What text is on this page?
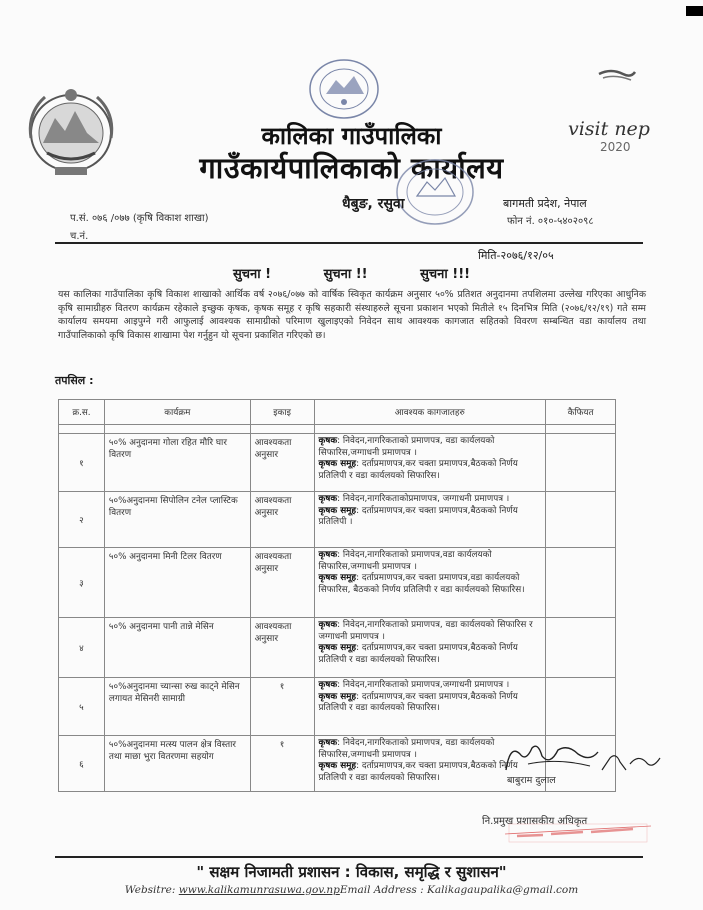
visit nep
2020
कालिका गाउँपालिका
गाउँकार्यपालिकाको कार्यालय
धैबुङ, रसुवा	बागमती प्रदेश, नेपाल
फोन नं. ०१०-५४०२०९८
प.सं. ०७६ /०७७ (कृषि विकाश शाखा)
च.नं.
मिति-२०७६/१२/०५
सुचना !	सुचना !!	सुचना !!!
यस कालिका गाउँपालिका कृषि विकाश शाखाको आर्थिक वर्ष २०७६/०७७ को वार्षिक स्विकृत कार्यक्रम अनुसार ५०% प्रतिशत अनुदानमा तपशिलमा उल्लेख गरिएका आधुनिक कृषि सामाग्रीहरु वितरण कार्यक्रम रहेकाले इच्छुक कृषक, कृषक समूह र कृषि सहकारी संस्थाहरुले सूचना प्रकाशन भएको मितीले १५ दिनभित्र मिति (२०७६/१२/१९) गते सम्म कार्यालय समयमा आइपुग्ने गरी आफुलाई आवश्यक सामाग्रीको परिमाण खुलाइएको निवेदन साथ आवश्यक कागजात सहितको विवरण सम्बन्धित वडा कार्यालय तथा गाउँपालिकाको कृषि विकास शाखामा पेश गर्नुहुन यो सूचना प्रकाशित गरिएको छ।
तपसिल :
क्र.स.	कार्यक्रम	इकाइ	आवश्यक कागजातहरु	कैफियत

१	५०% अनुदानमा गोला रहित मौरि घार वितरण	आवश्यकता अनुसार	कृषक: निवेदन,नागरिकताको प्रमाणपत्र, वडा कार्यलयको सिफारिस,जग्गाधनी प्रमाणपत्र ।
कृषक समूह: दर्ताप्रमाणपत्र,कर चक्ता प्रमाणपत्र,बैठकको निर्णय प्रतिलिपी र वडा कार्यलयको सिफारिस।	

२	५०%अनुदानमा सिपोलिन टनेल प्लास्टिक वितरण	आवश्यकता अनुसार	कृषक: निवेदन,नागरिकताकोप्रमाणपत्र, जग्गाधनी प्रमाणपत्र ।
कृषक समूह: दर्ताप्रमाणपत्र,कर चक्ता प्रमाणपत्र,बैठकको निर्णय प्रतिलिपी ।	

३	५०% अनुदानमा मिनी टिलर वितरण	आवश्यकता अनुसार	कृषक: निवेदन,नागरिकताको प्रमाणपत्र,वडा कार्यलयको सिफारिस,जग्गाधनी प्रमाणपत्र ।
कृषक समूह: दर्ताप्रमाणपत्र,कर चक्ता प्रमाणपत्र,वडा कार्यलयको सिफारिस, बैठकको निर्णय प्रतिलिपी र वडा कार्यलयको सिफारिस।	

४	५०% अनुदानमा पानी तान्ने मेसिन	आवश्यकता अनुसार	कृषक: निवेदन,नागरिकताको प्रमाणपत्र, वडा कार्यलयको सिफारिस र जग्गाधनी प्रमाणपत्र ।
कृषक समूह: दर्ताप्रमाणपत्र,कर चक्ता प्रमाणपत्र,बैठकको निर्णय प्रतिलिपी र वडा कार्यलयको सिफारिस।	

५	५०%अनुदानमा च्यान्सा रुख काट्ने मेसिन लगायत मेसिनरी सामाग्री	१	कृषक: निवेदन,नागरिकताको प्रमाणपत्र,जग्गाधनी प्रमाणपत्र ।
कृषक समूह: दर्ताप्रमाणपत्र,कर चक्ता प्रमाणपत्र,बैठकको निर्णय प्रतिलिपी र वडा कार्यलयको सिफारिस।	

६	५०%अनुदानमा मत्स्य पालन क्षेत्र विस्तार तथा माछा भुरा वितरणमा सहयोग	१	कृषक: निवेदन,नागरिकताको प्रमाणपत्र, वडा कार्यलयको सिफारिस,जग्गाधनी प्रमाणपत्र ।
कृषक समूह: दर्ताप्रमाणपत्र,कर चक्ता प्रमाणपत्र,बैठकको निर्णय प्रतिलिपी र वडा कार्यलयको सिफारिस।	
		बाबुराम दुलाल
नि.प्रमुख प्रशासकीय अधिकृत
" सक्षम निजामती प्रशासन : विकास, समृद्धि र सुशासन"
Websitre: www.kalikamunrasuwa.gov.npEmail Address : Kalikagaupalika@gmail.com
